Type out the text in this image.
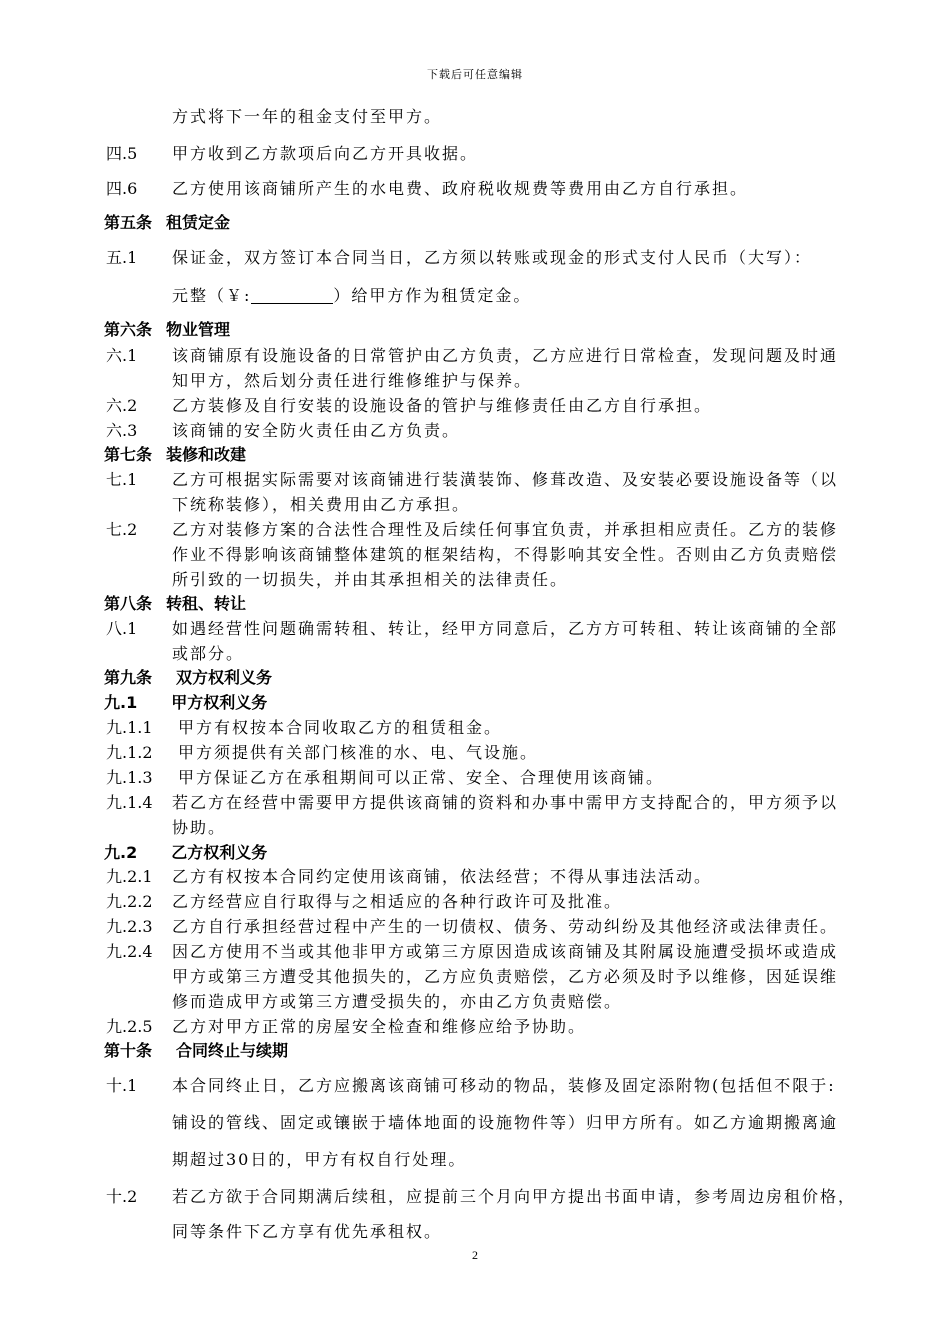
下载后可任意编辑
方式将下一年的租金支付至甲方。
四.5 甲方收到乙方款项后向乙方开具收据。
四.6 乙方使用该商铺所产生的水电费、政府税收规费等费用由乙方自行承担。
第五条 租赁定金
五.1 保证金，双方签订本合同当日，乙方须以转账或现金的形式支付人民币（大写）：
元整（￥:	）给甲方作为租赁定金。
第六条 物业管理
六.1 该商铺原有设施设备的日常管护由乙方负责，乙方应进行日常检查，发现问题及时通
知甲方，然后划分责任进行维修维护与保养。
六.2 乙方装修及自行安装的设施设备的管护与维修责任由乙方自行承担。
六.3 该商铺的安全防火责任由乙方负责。
第七条 装修和改建
七.1 乙方可根据实际需要对该商铺进行装潢装饰、修葺改造、及安装必要设施设备等（以
下统称装修），相关费用由乙方承担。
七.2 乙方对装修方案的合法性合理性及后续任何事宜负责，并承担相应责任。乙方的装修
作业不得影响该商铺整体建筑的框架结构，不得影响其安全性。否则由乙方负责赔偿
所引致的一切损失，并由其承担相关的法律责任。
第八条 转租、转让
八.1 如遇经营性问题确需转租、转让，经甲方同意后，乙方方可转租、转让该商铺的全部
或部分。
第九条 双方权利义务
九.1 甲方权利义务
九.1.1 甲方有权按本合同收取乙方的租赁租金。
九.1.2 甲方须提供有关部门核准的水、电、气设施。
九.1.3 甲方保证乙方在承租期间可以正常、安全、合理使用该商铺。
九.1.4 若乙方在经营中需要甲方提供该商铺的资料和办事中需甲方支持配合的，甲方须予以
协助。
九.2 乙方权利义务
九.2.1 乙方有权按本合同约定使用该商铺，依法经营；不得从事违法活动。
九.2.2 乙方经营应自行取得与之相适应的各种行政许可及批准。
九.2.3 乙方自行承担经营过程中产生的一切债权、债务、劳动纠纷及其他经济或法律责任。
九.2.4 因乙方使用不当或其他非甲方或第三方原因造成该商铺及其附属设施遭受损坏或造成
甲方或第三方遭受其他损失的，乙方应负责赔偿，乙方必须及时予以维修，因延误维
修而造成甲方或第三方遭受损失的，亦由乙方负责赔偿。
九.2.5 乙方对甲方正常的房屋安全检查和维修应给予协助。
第十条 合同终止与续期
十.1 本合同终止日，乙方应搬离该商铺可移动的物品，装修及固定添附物(包括但不限于:
铺设的管线、固定或镶嵌于墙体地面的设施物件等）归甲方所有。如乙方逾期搬离逾
期超过30日的，甲方有权自行处理。
十.2 若乙方欲于合同期满后续租，应提前三个月向甲方提出书面申请，参考周边房租价格，
同等条件下乙方享有优先承租权。
2
